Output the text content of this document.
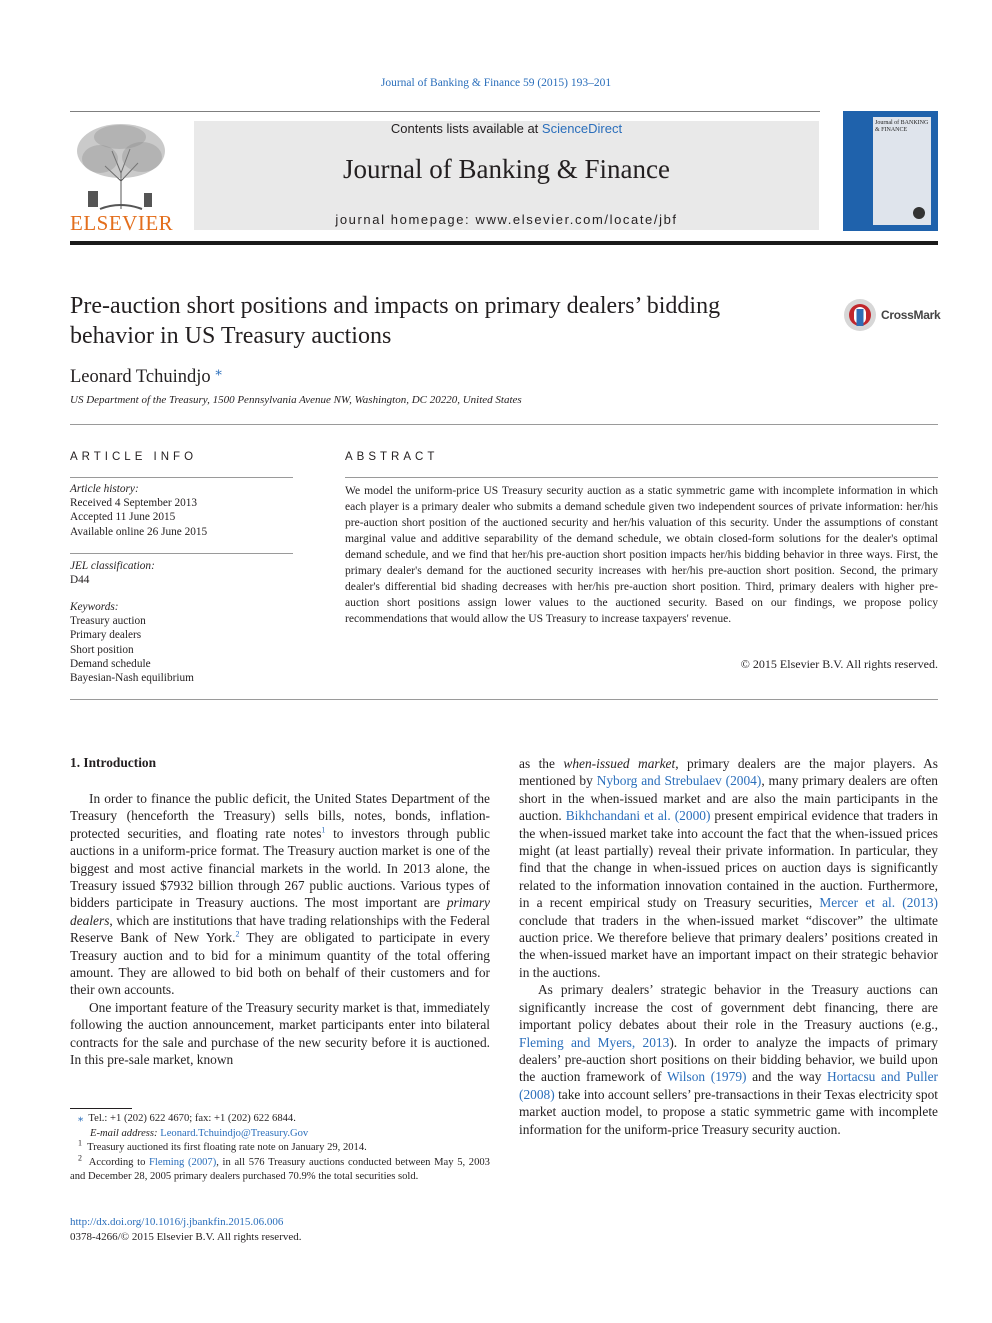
Journal of Banking & Finance 59 (2015) 193–201
ELSEVIER
Contents lists available at ScienceDirect
Journal of Banking & Finance
journal homepage: www.elsevier.com/locate/jbf
Journal of BANKING & FINANCE
Pre-auction short positions and impacts on primary dealers’ bidding behavior in US Treasury auctions
CrossMark
Leonard Tchuindjo ⁎
US Department of the Treasury, 1500 Pennsylvania Avenue NW, Washington, DC 20220, United States
ARTICLE INFO
Article history:
Received 4 September 2013
Accepted 11 June 2015
Available online 26 June 2015
JEL classification:
D44
Keywords:
Treasury auction
Primary dealers
Short position
Demand schedule
Bayesian-Nash equilibrium
ABSTRACT
We model the uniform-price US Treasury security auction as a static symmetric game with incomplete information in which each player is a primary dealer who submits a demand schedule given two independent sources of private information: her/his pre-auction short position of the auctioned security and her/his valuation of this security. Under the assumptions of constant marginal value and additive separability of the demand schedule, we obtain closed-form solutions for the dealer's optimal demand schedule, and we find that her/his pre-auction short position impacts her/his bidding behavior in three ways. First, the primary dealer's demand for the auctioned security increases with her/his pre-auction short position. Second, the primary dealer's differential bid shading decreases with her/his pre-auction short position. Third, primary dealers with higher pre-auction short positions assign lower values to the auctioned security. Based on our findings, we propose policy recommendations that would allow the US Treasury to increase taxpayers' revenue.
© 2015 Elsevier B.V. All rights reserved.
1. Introduction

In order to finance the public deficit, the United States Department of the Treasury (henceforth the Treasury) sells bills, notes, bonds, inflation-protected securities, and floating rate notes$^1$ to investors through public auctions in a uniform-price format. The Treasury auction market is one of the biggest and most active financial markets in the world. In 2013 alone, the Treasury issued $7932 billion through 267 public auctions. Various types of bidders participate in Treasury auctions. The most important are primary dealers, which are institutions that have trading relationships with the Federal Reserve Bank of New York.$^2$ They are obligated to participate in every Treasury auction and to bid for a minimum quantity of the total offering amount. They are allowed to bid both on behalf of their customers and for their own accounts.

One important feature of the Treasury security market is that, immediately following the auction announcement, market participants enter into bilateral contracts for the sale and purchase of the new security before it is auctioned. In this pre-sale market, known

as the when-issued market, primary dealers are the major players. As mentioned by Nyborg and Strebulaev (2004), many primary dealers are often short in the when-issued market and are also the main participants in the auction. Bikhchandani et al. (2000) present empirical evidence that traders in the when-issued market take into account the fact that the when-issued prices might (at least partially) reveal their private information. In particular, they find that the change in when-issued prices on auction days is significantly related to the information innovation contained in the auction. Furthermore, in a recent empirical study on Treasury securities, Mercer et al. (2013) conclude that traders in the when-issued market “discover” the ultimate auction price. We therefore believe that primary dealers’ positions created in the when-issued market have an important impact on their strategic behavior in the auctions.

As primary dealers’ strategic behavior in the Treasury auctions can significantly increase the cost of government debt financing, there are important policy debates about their role in the Treasury auctions (e.g., Fleming and Myers, 2013). In order to analyze the impacts of primary dealers’ pre-auction short positions on their bidding behavior, we build upon the auction framework of Wilson (1979) and the way Hortacsu and Puller (2008) take into account sellers’ pre-transactions in their Texas electricity spot market auction model, to propose a static symmetric game with incomplete information for the uniform-price Treasury security auction.

⁎ Tel.: +1 (202) 622 4670; fax: +1 (202) 622 6844.
E-mail address: Leonard.Tchuindjo@Treasury.Gov
$^1$ Treasury auctioned its first floating rate note on January 29, 2014.
$^2$ According to Fleming (2007), in all 576 Treasury auctions conducted between May 5, 2003 and December 28, 2005 primary dealers purchased 70.9% the total securities sold.
http://dx.doi.org/10.1016/j.jbankfin.2015.06.006
0378-4266/© 2015 Elsevier B.V. All rights reserved.
